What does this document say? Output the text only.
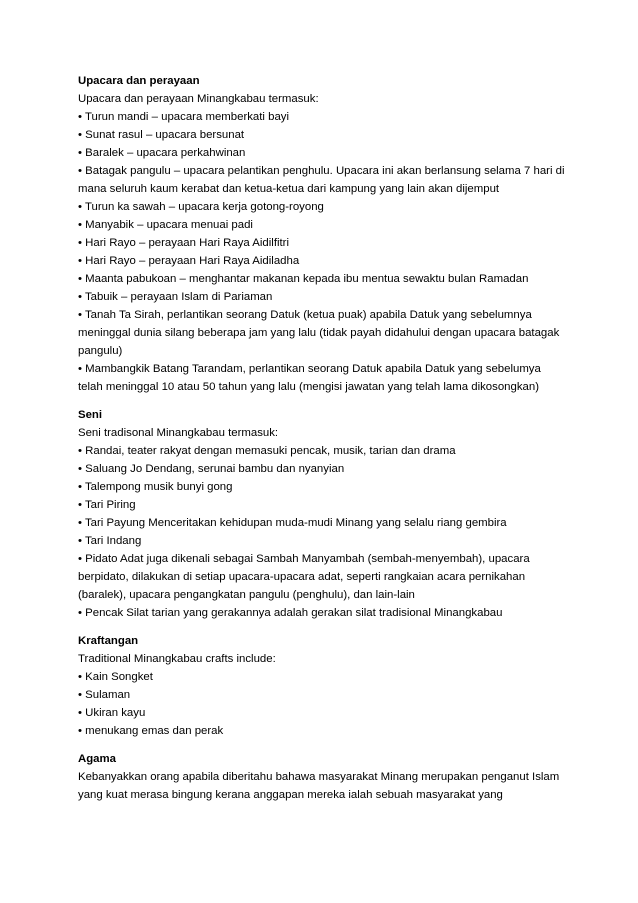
Upacara dan perayaan
Upacara dan perayaan Minangkabau termasuk:
• Turun mandi – upacara memberkati bayi
• Sunat rasul – upacara bersunat
• Baralek – upacara perkahwinan
• Batagak pangulu – upacara pelantikan penghulu. Upacara ini akan berlansung selama 7 hari di mana seluruh kaum kerabat dan ketua-ketua dari kampung yang lain akan dijemput
• Turun ka sawah – upacara kerja gotong-royong
• Manyabik – upacara menuai padi
• Hari Rayo – perayaan Hari Raya Aidilfitri
• Hari Rayo – perayaan Hari Raya Aidiladha
• Maanta pabukoan – menghantar makanan kepada ibu mentua sewaktu bulan Ramadan
• Tabuik – perayaan Islam di Pariaman
• Tanah Ta Sirah, perlantikan seorang Datuk (ketua puak) apabila Datuk yang sebelumnya meninggal dunia silang beberapa jam yang lalu (tidak payah didahului dengan upacara batagak pangulu)
• Mambangkik Batang Tarandam, perlantikan seorang Datuk apabila Datuk yang sebelumya telah meninggal 10 atau 50 tahun yang lalu (mengisi jawatan yang telah lama dikosongkan)
Seni
Seni tradisonal Minangkabau termasuk:
• Randai, teater rakyat dengan memasuki pencak, musik, tarian dan drama
• Saluang Jo Dendang, serunai bambu dan nyanyian
• Talempong musik bunyi gong
• Tari Piring
• Tari Payung Menceritakan kehidupan muda-mudi Minang yang selalu riang gembira
• Tari Indang
• Pidato Adat juga dikenali sebagai Sambah Manyambah (sembah-menyembah), upacara berpidato, dilakukan di setiap upacara-upacara adat, seperti rangkaian acara pernikahan (baralek), upacara pengangkatan pangulu (penghulu), dan lain-lain
• Pencak Silat tarian yang gerakannya adalah gerakan silat tradisional Minangkabau
Kraftangan
Traditional Minangkabau crafts include:
• Kain Songket
• Sulaman
• Ukiran kayu
• menukang emas dan perak
Agama
Kebanyakkan orang apabila diberitahu bahawa masyarakat Minang merupakan penganut Islam yang kuat merasa bingung kerana anggapan mereka ialah sebuah masyarakat yang
